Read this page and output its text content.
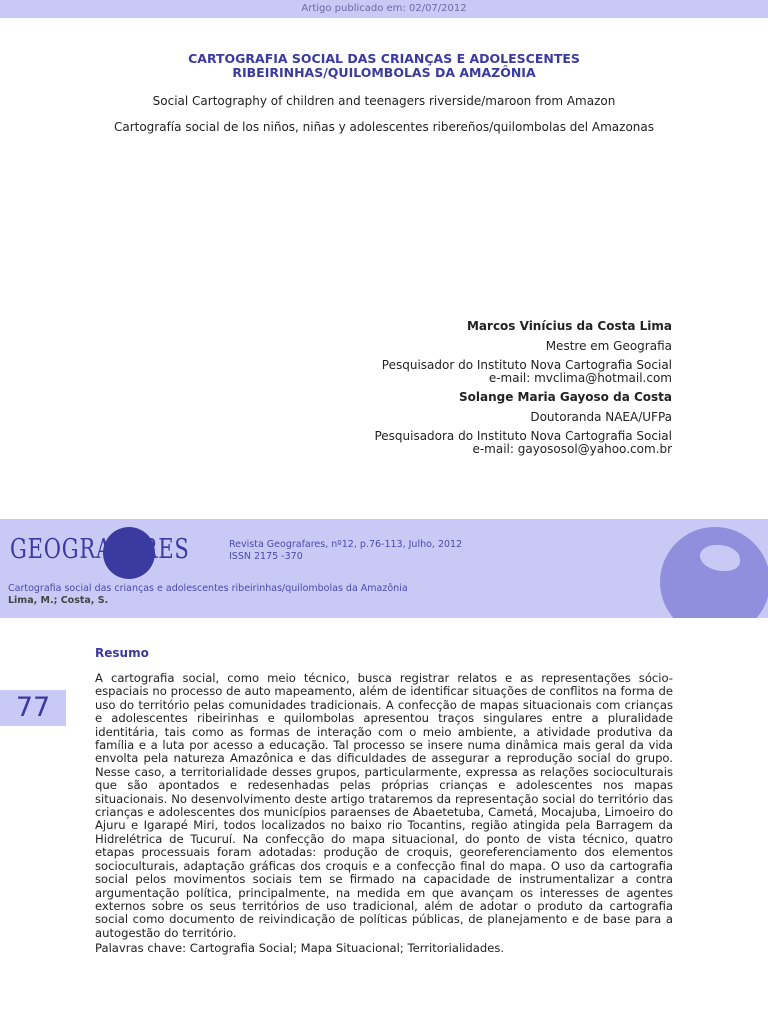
Artigo publicado em: 02/07/2012
CARTOGRAFIA SOCIAL DAS CRIANÇAS E ADOLESCENTES
RIBEIRINHAS/QUILOMBOLAS DA AMAZÔNIA
Social Cartography of children and teenagers riverside/maroon from Amazon
Cartografía social de los niños, niñas y adolescentes ribereños/quilombolas del Amazonas
Marcos Vinícius da Costa Lima
Mestre em Geografia
Pesquisador do Instituto Nova Cartografia Social
e-mail: mvclima@hotmail.com
Solange Maria Gayoso da Costa
Doutoranda NAEA/UFPa
Pesquisadora do Instituto Nova Cartografia Social
e-mail: gayososol@yahoo.com.br
GEOGRAFARES	Revista Geografares, nº12, p.76-113, Julho, 2012
ISSN 2175 -370
Cartografia social das crianças e adolescentes ribeirinhas/quilombolas da Amazônia
Lima, M.; Costa, S.
77
Resumo
A cartografia social, como meio técnico, busca registrar relatos e as representações sócio-espaciais no processo de auto mapeamento, além de identificar situações de conflitos na forma de uso do território pelas comunidades tradicionais. A confecção de mapas situacionais com crianças e adolescentes ribeirinhas e quilombolas apresentou traços singulares entre a pluralidade identitária, tais como as formas de interação com o meio ambiente, a atividade produtiva da família e a luta por acesso a educação. Tal processo se insere numa dinâmica mais geral da vida envolta pela natureza Amazônica e das dificuldades de assegurar a reprodução social do grupo. Nesse caso, a territorialidade desses grupos, particularmente, expressa as relações socioculturais que são apontados e redesenhadas pelas próprias crianças e adolescentes nos mapas situacionais. No desenvolvimento deste artigo trataremos da representação social do território das crianças e adolescentes dos municípios paraenses de Abaetetuba, Cametá, Mocajuba, Limoeiro do Ajuru e Igarapé Miri, todos localizados no baixo rio Tocantins, região atingida pela Barragem da Hidrelétrica de Tucuruí. Na confecção do mapa situacional, do ponto de vista técnico, quatro etapas processuais foram adotadas: produção de croquis, georeferenciamento dos elementos socioculturais, adaptação gráficas dos croquis e a confecção final do mapa. O uso da cartografia social pelos movimentos sociais tem se firmado na capacidade de instrumentalizar a contra argumentação política, principalmente, na medida em que avançam os interesses de agentes externos sobre os seus territórios de uso tradicional, além de adotar o produto da cartografia social como documento de reivindicação de políticas públicas, de planejamento e de base para a autogestão do território.
Palavras chave: Cartografia Social; Mapa Situacional; Territorialidades.
